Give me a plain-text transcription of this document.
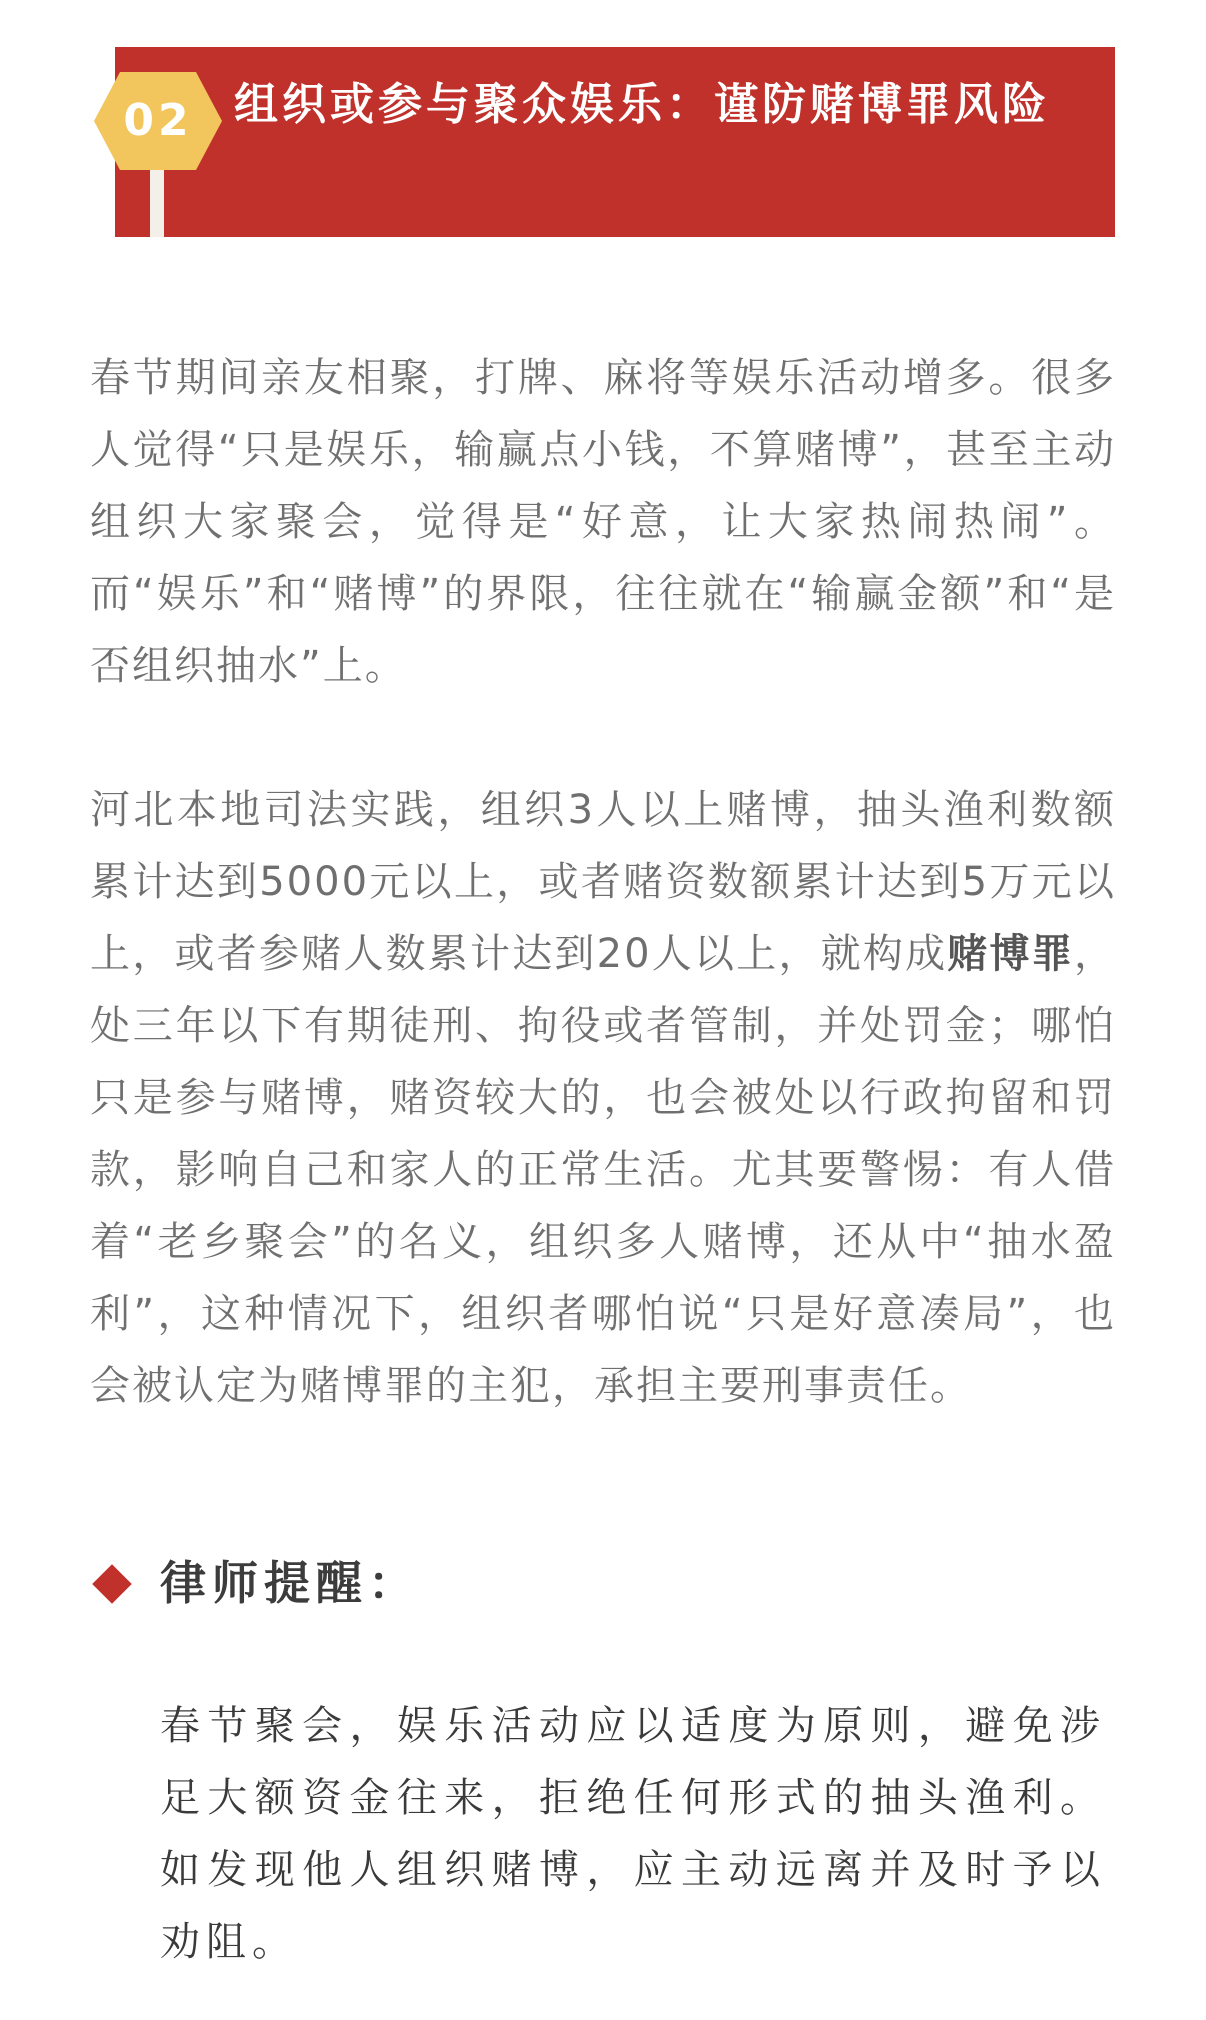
02 组织或参与聚众娱乐：谨防赌博罪风险
春节期间亲友相聚，打牌、麻将等娱乐活动增多。很多人觉得“只是娱乐，输赢点小钱，不算赌博”，甚至主动组织大家聚会，觉得是“好意，让大家热闹热闹”。而“娱乐”和“赌博”的界限，往往就在“输赢金额”和“是否组织抽水”上。
河北本地司法实践，组织3人以上赌博，抽头渔利数额累计达到5000元以上，或者赌资数额累计达到5万元以上，或者参赌人数累计达到20人以上，就构成赌博罪，处三年以下有期徒刑、拘役或者管制，并处罚金；哪怕只是参与赌博，赌资较大的，也会被处以行政拘留和罚款，影响自己和家人的正常生活。尤其要警惕：有人借着“老乡聚会”的名义，组织多人赌博，还从中“抽水盈利”，这种情况下，组织者哪怕说“只是好意凑局”，也会被认定为赌博罪的主犯，承担主要刑事责任。
律师提醒：
春节聚会，娱乐活动应以适度为原则，避免涉足大额资金往来，拒绝任何形式的抽头渔利。如发现他人组织赌博，应主动远离并及时予以劝阻。
